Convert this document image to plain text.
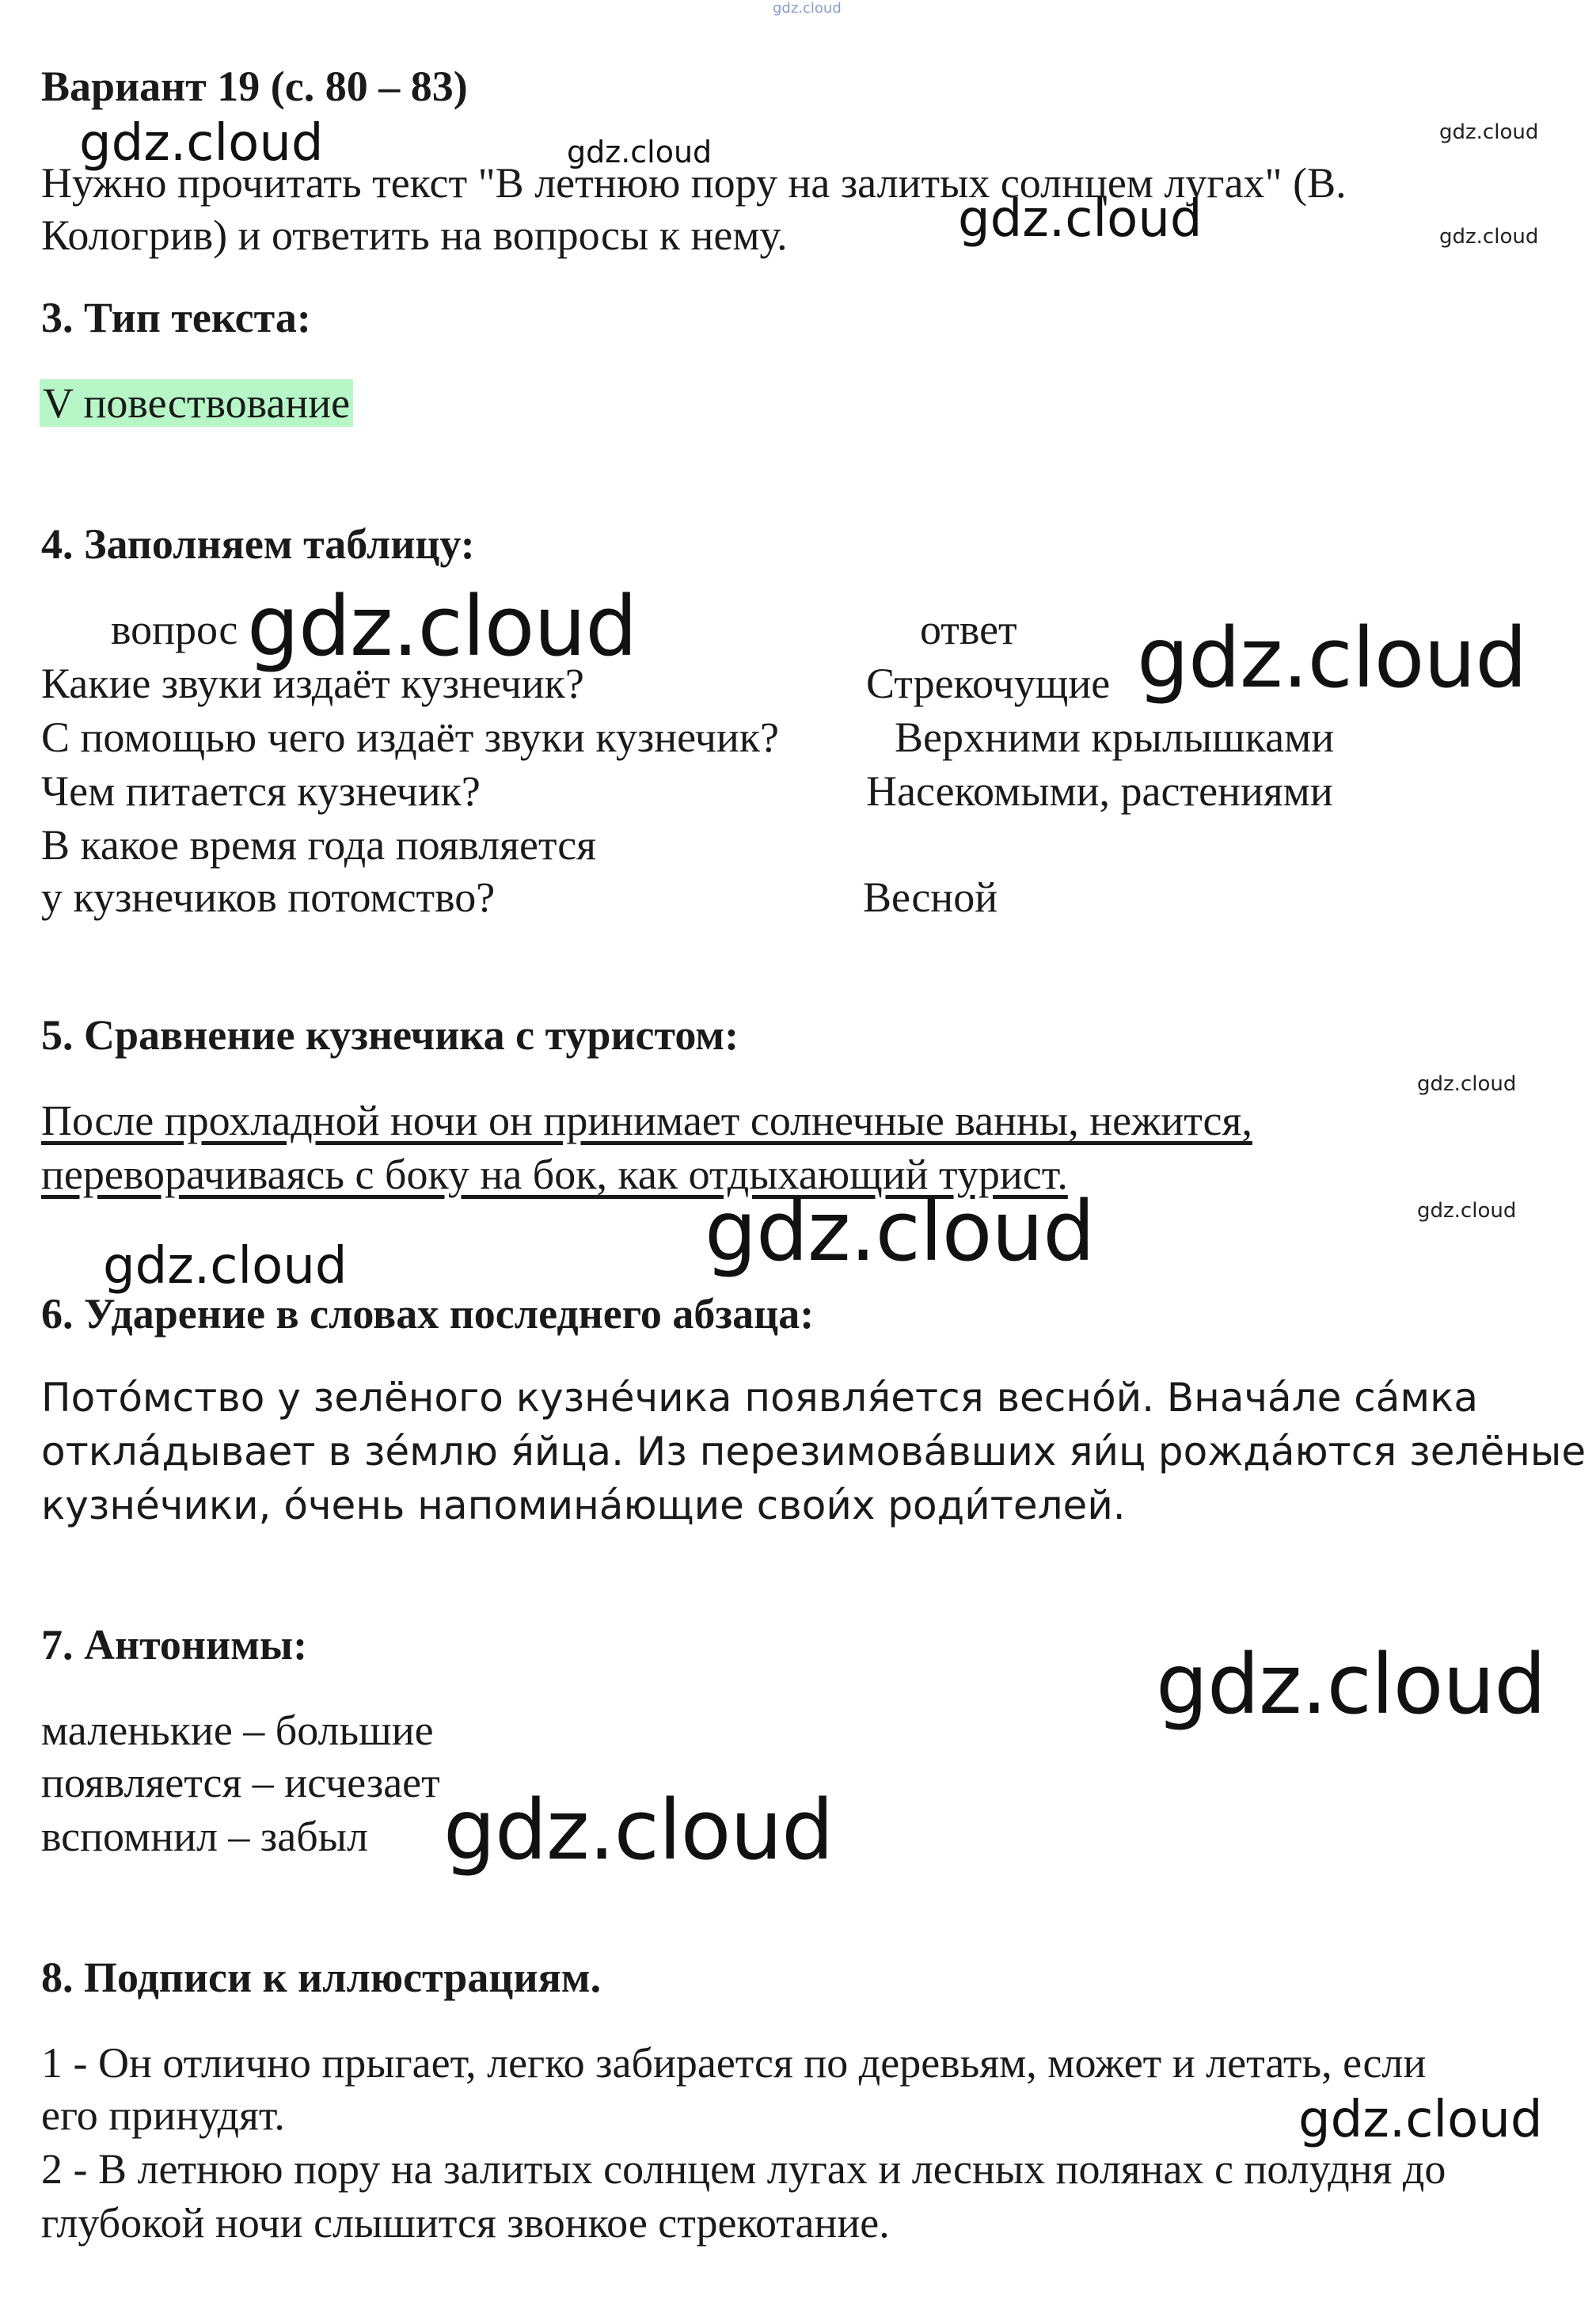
gdz.cloud
Вариант 19 (с. 80 – 83)
Нужно прочитать текст "В летнюю пору на залитых солнцем лугах" (В.
Кологрив) и ответить на вопросы к нему.
gdz.cloud	gdz.cloud
gdz.cloud
gdz.cloud
gdz.cloud
3. Тип текста:
V повествование
4. Заполняем таблицу:
вопрос	ответ
Какие звуки издаёт кузнечик?	Стрекочущие
С помощью чего издаёт звуки кузнечик?	Верхними крылышками
Чем питается кузнечик?	Насекомыми, растениями
В какое время года появляется
у кузнечиков потомство?	Весной
gdz.cloud	gdz.cloud
5. Сравнение кузнечика с туристом:
После прохладной ночи он принимает солнечные ванны, нежится,
переворачиваясь с боку на бок, как отдыхающий турист.
gdz.cloud
gdz.cloud
gdz.cloud
gdz.cloud
6. Ударение в словах последнего абзаца:
Пото́мство у зелёного кузне́чика появля́ется весно́й. Внача́ле са́мка
откла́дывает в зе́млю я́йца. Из перезимова́вших яи́ц рожда́ются зелёные
кузне́чики, о́чень напомина́ющие свои́х роди́телей.
7. Антонимы:
маленькие – большие
появляется – исчезает
вспомнил – забыл
gdz.cloud
gdz.cloud
8. Подписи к иллюстрациям.
1 - Он отлично прыгает, легко забирается по деревьям, может и летать, если
его принудят.
2 - В летнюю пору на залитых солнцем лугах и лесных полянах с полудня до
глубокой ночи слышится звонкое стрекотание.
gdz.cloud
